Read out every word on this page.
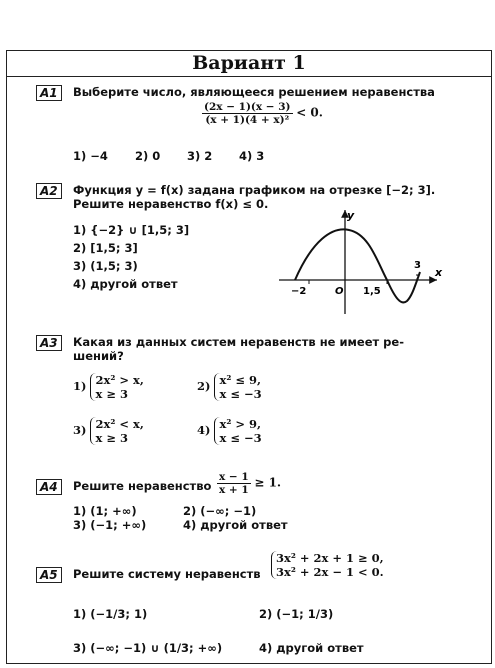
Вариант 1
A1	Выберите число, являющееся решением неравенства
$\frac{(2x - 1)(x - 3)}{\text{(x + 1)(4 + x)²}} < 0$.
1) −4 2) 0 3) 2 4) 3
A2	Функция y = f(x) задана графиком на отрезке [−2; 3].
Решите неравенство f(x) ≤ 0.
1) {−2} ∪ [1,5; 3]
2) [1,5; 3]
3) (1,5; 3)
4) другой ответ
y
x
O
−2	1,5
3
A3	Какая из данных систем неравенств не имеет ре-
шений?
1) 2x² > x,
x ≥ 3
2) x² ≤ 9,
x ≤ −3
3) 2x² < x,
x ≥ 3
4) x² > 9,
x ≤ −3
A4	Решите неравенство $\frac{x - 1}{x + 1} \ge 1$.
1) (1; +∞)	2) (−∞; −1)
3) (−1; +∞)	4) другой ответ
A5	Решите систему неравенств
3x² + 2x + 1 ≥ 0,
3x² + 2x − 1 < 0.
1) (−1/3; 1)	2) (−1; 1/3)
3) (−∞; −1) ∪ (1/3; +∞)	4) другой ответ
